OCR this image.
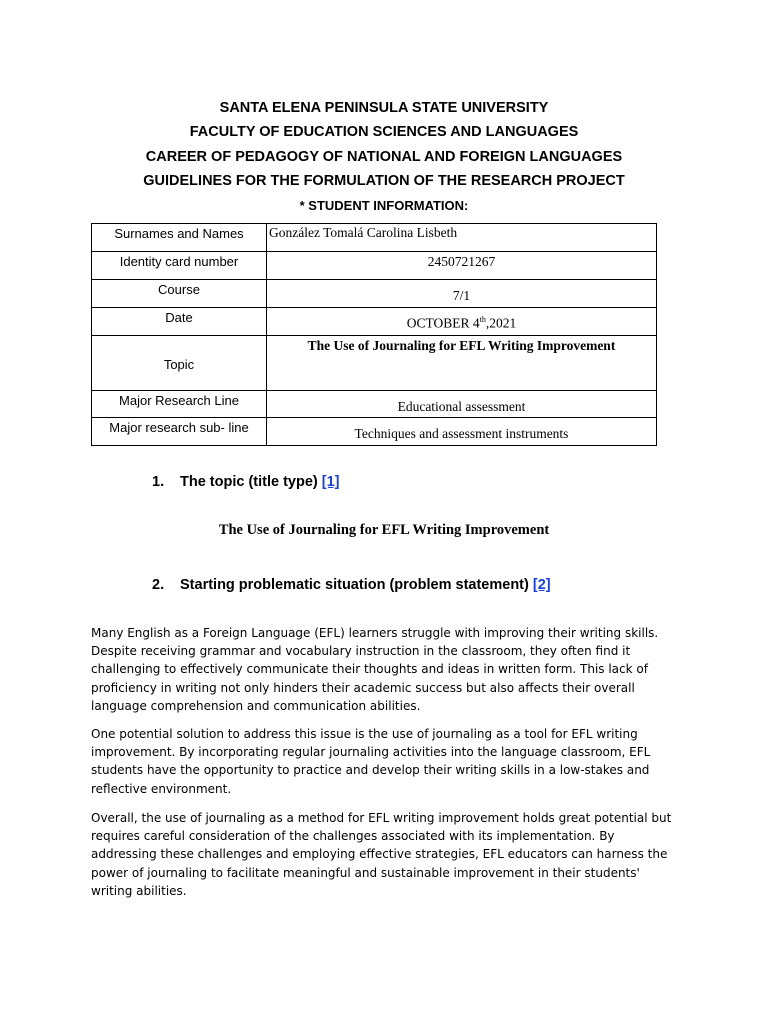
SANTA ELENA PENINSULA STATE UNIVERSITY
FACULTY OF EDUCATION SCIENCES AND LANGUAGES
CAREER OF PEDAGOGY OF NATIONAL AND FOREIGN LANGUAGES
GUIDELINES FOR THE FORMULATION OF THE RESEARCH PROJECT
* STUDENT INFORMATION:
Surnames and Names	González Tomalá Carolina Lisbeth
Identity card number	2450721267
Course	7/1
Date	OCTOBER 4th,2021
Topic	The Use of Journaling for EFL Writing Improvement
Major Research Line	Educational assessment
Major research sub- line	Techniques and assessment instruments
1. The topic (title type) [1]
The Use of Journaling for EFL Writing Improvement
2. Starting problematic situation (problem statement) [2]

Many English as a Foreign Language (EFL) learners struggle with improving their writing skills. Despite receiving grammar and vocabulary instruction in the classroom, they often find it challenging to effectively communicate their thoughts and ideas in written form. This lack of proficiency in writing not only hinders their academic success but also affects their overall language comprehension and communication abilities.

One potential solution to address this issue is the use of journaling as a tool for EFL writing improvement. By incorporating regular journaling activities into the language classroom, EFL students have the opportunity to practice and develop their writing skills in a low-stakes and reflective environment.

Overall, the use of journaling as a method for EFL writing improvement holds great potential but requires careful consideration of the challenges associated with its implementation. By addressing these challenges and employing effective strategies, EFL educators can harness the power of journaling to facilitate meaningful and sustainable improvement in their students' writing abilities.
